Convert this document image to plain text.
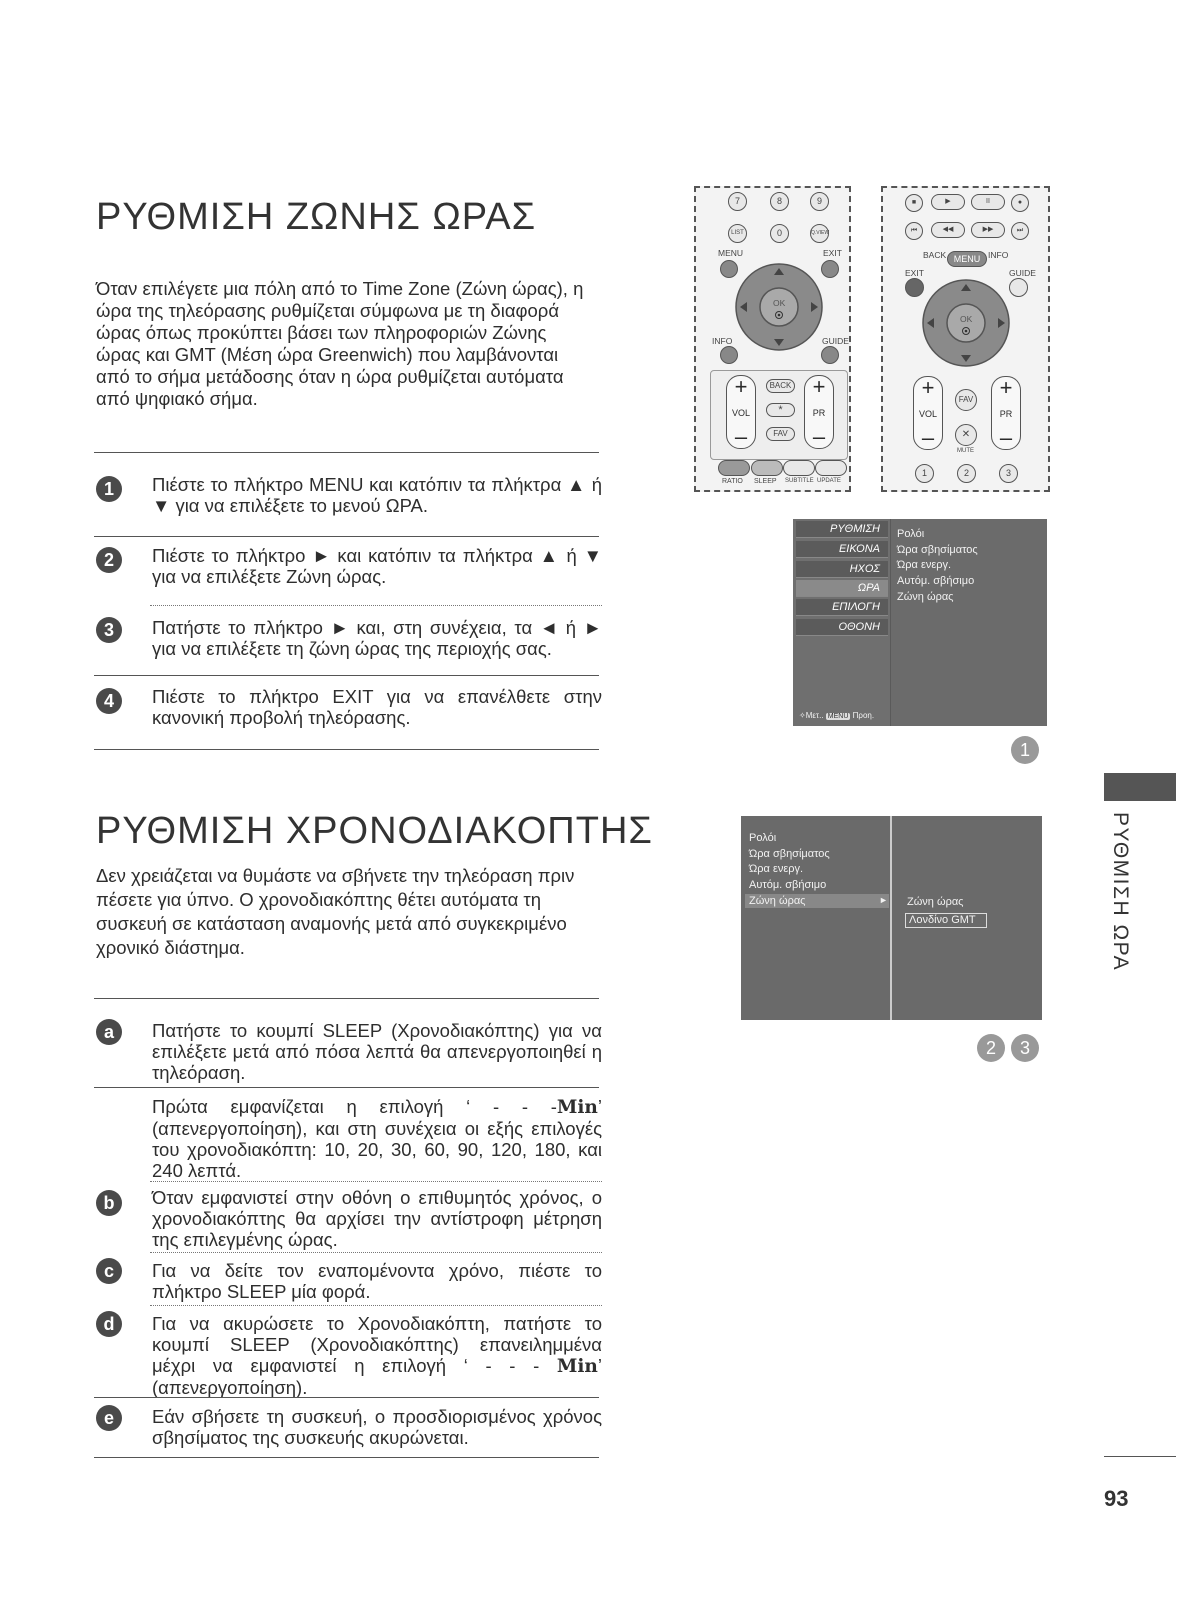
ΡΥΘΜΙΣΗ ΖΩΝΗΣ ΩΡΑΣ
Όταν επιλέγετε μια πόλη από το Time Zone (Ζώνη ώρας), η ώρα της τηλεόρασης ρυθμίζεται σύμφωνα με τη διαφορά ώρας όπως προκύπτει βάσει των πληροφοριών Ζώνης ώρας και GMT (Μέση ώρα Greenwich) που λαμβάνονται από το σήμα μετάδοσης όταν η ώρα ρυθμίζεται αυτόματα από ψηφιακό σήμα.
1	Πιέστε το πλήκτρο MENU και κατόπιν τα πλήκτρα ▲ ή ▼ για να επιλέξετε το μενού ΩΡΑ.
2	Πιέστε το πλήκτρο ► και κατόπιν τα πλήκτρα ▲ ή ▼ για να επιλέξετε Ζώνη ώρας.
3	Πατήστε το πλήκτρο ► και, στη συνέχεια, τα ◄ ή ► για να επιλέξετε τη ζώνη ώρας της περιοχής σας.
4	Πιέστε το πλήκτρο EXIT για να επανέλθετε στην κανονική προβολή τηλεόρασης.
ΡΥΘΜΙΣΗ ΧΡΟΝΟΔΙΑΚΟΠΤΗΣ
Δεν χρειάζεται να θυμάστε να σβήνετε την τηλεόραση πριν πέσετε για ύπνο. Ο χρονοδιακόπτης θέτει αυτόματα τη συσκευή σε κατάσταση αναμονής μετά από συγκεκριμένο χρονικό διάστημα.
a	Πατήστε το κουμπί SLEEP (Χρονοδιακόπτης) για να επιλέξετε μετά από πόσα λεπτά θα απενεργοποιηθεί η τηλεόραση.
Πρώτα εμφανίζεται η επιλογή ‘ - - -Min’ (απενεργοποίηση), και στη συνέχεια οι εξής επιλογές του χρονοδιακόπτη: 10, 20, 30, 60, 90, 120, 180, και 240 λεπτά.
b	Όταν εμφανιστεί στην οθόνη ο επιθυμητός χρόνος, ο χρονοδιακόπτης θα αρχίσει την αντίστροφη μέτρηση της επιλεγμένης ώρας.
c	Για να δείτε τον εναπομένοντα χρόνο, πιέστε το πλήκτρο SLEEP μία φορά.
d	Για να ακυρώσετε το Χρονοδιακόπτη, πατήστε το κουμπί SLEEP (Χρονοδιακόπτης) επανειλημμένα μέχρι να εμφανιστεί η επιλογή ‘ - - - Min’ (απενεργοποίηση).
e	Εάν σβήσετε τη συσκευή, ο προσδιορισμένος χρόνος σβησίματος της συσκευής ακυρώνεται.
7	8	9
LIST	0	Q.VIEW
MENU	EXIT
OK
INFO	GUIDE
+
VOL
–
+
PR
–
BACK
*
FAV
RATIO SLEEP SUBTITLE UPDATE
■	▶	II	●
⏮	◀◀	▶▶	⏭
BACK MENU INFO
EXIT	GUIDE
OK
+
VOL
–
+
PR
–
FAV
✕
MUTE
1	2	3
ΡΥΘΜΙΣΗ
ΕΙΚΟΝΑ
ΗΧΟΣ
ΩΡΑ
ΕΠΙΛΟΓΗ
ΟΘΟΝΗ
Ρολόι
Ώρα σβησίματος
Ώρα ενεργ.
Αυτόμ. σβήσιμο
Ζώνη ώρας
✧Μετ.. MENU Προη.
1
Ρολόι
Ώρα σβησίματος
Ώρα ενεργ.
Αυτόμ. σβήσιμο
Ζώνη ώρας	► Ζώνη ώρας
Λονδίνο GMT
2	3
ΡΥΘΜΙΣΗ ΩΡΑ
93
